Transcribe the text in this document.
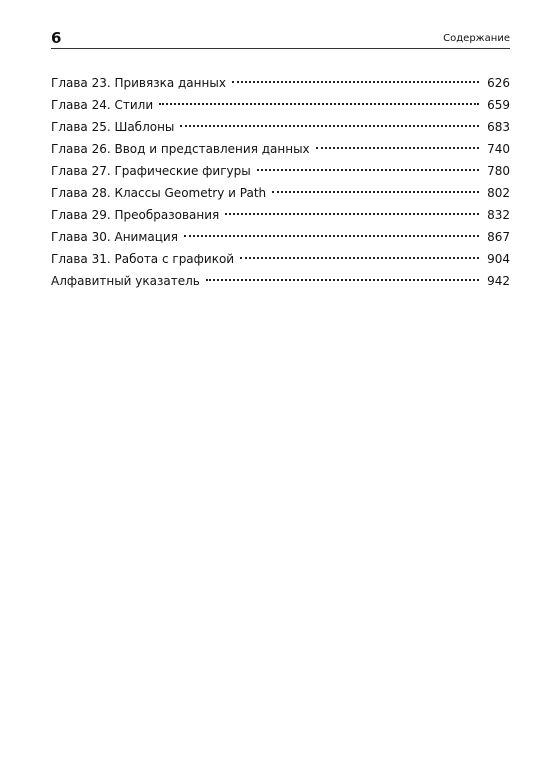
6	Содержание
Глава 23. Привязка данных	626
Глава 24. Стили	659
Глава 25. Шаблоны	683
Глава 26. Ввод и представления данных	740
Глава 27. Графические фигуры	780
Глава 28. Классы Geometry и Path	802
Глава 29. Преобразования	832
Глава 30. Анимация	867
Глава 31. Работа с графикой	904
Алфавитный указатель	942
